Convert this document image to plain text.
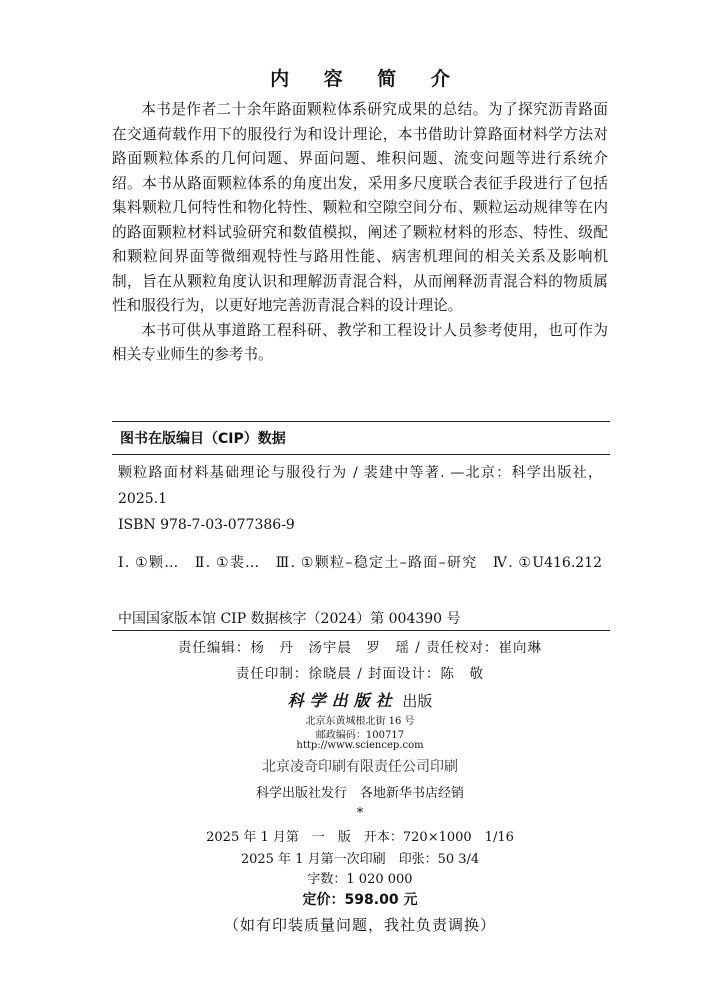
内 容 简 介

本书是作者二十余年路面颗粒体系研究成果的总结。为了探究沥青路面在交通荷载作用下的服役行为和设计理论，本书借助计算路面材料学方法对路面颗粒体系的几何问题、界面问题、堆积问题、流变问题等进行系统介绍。本书从路面颗粒体系的角度出发，采用多尺度联合表征手段进行了包括集料颗粒几何特性和物化特性、颗粒和空隙空间分布、颗粒运动规律等在内的路面颗粒材料试验研究和数值模拟，阐述了颗粒材料的形态、特性、级配和颗粒间界面等微细观特性与路用性能、病害机理间的相关关系及影响机制，旨在从颗粒角度认识和理解沥青混合料，从而阐释沥青混合料的物质属性和服役行为，以更好地完善沥青混合料的设计理论。

本书可供从事道路工程科研、教学和工程设计人员参考使用，也可作为相关专业师生的参考书。

图书在版编目（CIP）数据

颗粒路面材料基础理论与服役行为 / 裴建中等著. —北京：科学出版社，2025.1

ISBN 978-7-03-077386-9

Ⅰ. ①颗…　Ⅱ. ①裴…　Ⅲ. ①颗粒–稳定土–路面–研究　Ⅳ. ①U416.212

中国国家版本馆 CIP 数据核字（2024）第 004390 号

责任编辑：杨　丹　汤宇晨　罗　瑶 / 责任校对：崔向琳
责任印制：徐晓晨 / 封面设计：陈　敬
科学出版社 出版
北京东黄城根北街 16 号
邮政编码：100717
http://www.sciencep.com
北京凌奇印刷有限责任公司印刷
科学出版社发行　各地新华书店经销
*
2025 年 1 月第　一　版　开本：720×1000　1/16
2025 年 1 月第一次印刷　印张：50 3/4
字数：1 020 000
定价：598.00 元
（如有印装质量问题，我社负责调换）
